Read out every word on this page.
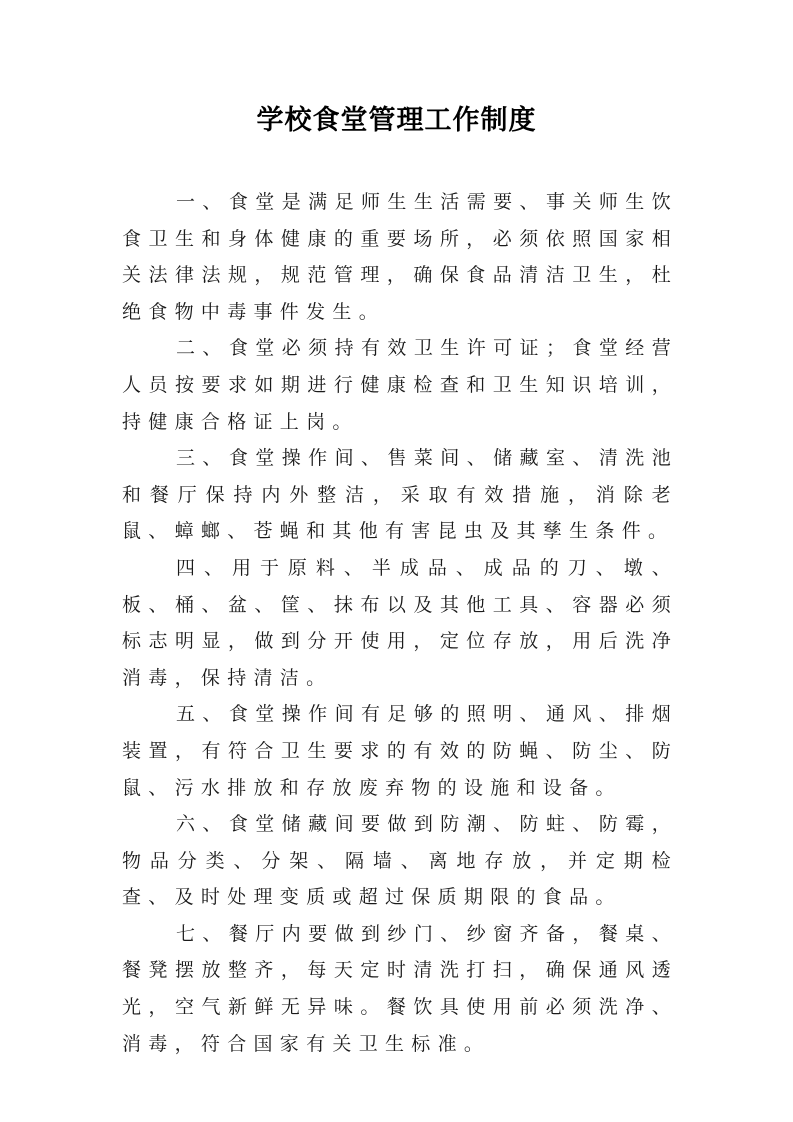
学校食堂管理工作制度

一、食堂是满足师生生活需要、事关师生饮食卫生和身体健康的重要场所，必须依照国家相关法律法规，规范管理，确保食品清洁卫生，杜绝食物中毒事件发生。

二、食堂必须持有效卫生许可证；食堂经营人员按要求如期进行健康检查和卫生知识培训，持健康合格证上岗。

三、食堂操作间、售菜间、储藏室、清洗池和餐厅保持内外整洁，采取有效措施，消除老鼠、蟑螂、苍蝇和其他有害昆虫及其孳生条件。

四、用于原料、半成品、成品的刀、墩、板、桶、盆、筐、抹布以及其他工具、容器必须标志明显，做到分开使用，定位存放，用后洗净消毒，保持清洁。

五、食堂操作间有足够的照明、通风、排烟装置，有符合卫生要求的有效的防蝇、防尘、防鼠、污水排放和存放废弃物的设施和设备。

六、食堂储藏间要做到防潮、防蛀、防霉，物品分类、分架、隔墙、离地存放，并定期检查、及时处理变质或超过保质期限的食品。

七、餐厅内要做到纱门、纱窗齐备，餐桌、餐凳摆放整齐，每天定时清洗打扫，确保通风透光，空气新鲜无异味。餐饮具使用前必须洗净、消毒，符合国家有关卫生标准。
